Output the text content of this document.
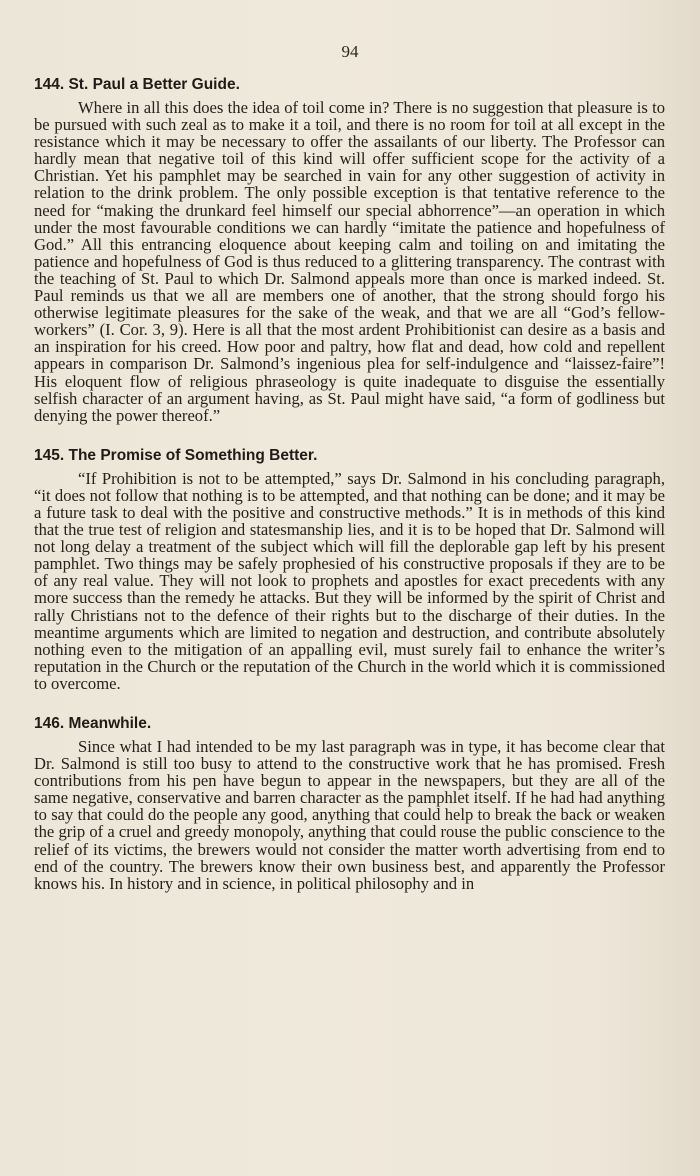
94
144. St. Paul a Better Guide.

Where in all this does the idea of toil come in? There is no suggestion that pleasure is to be pursued with such zeal as to make it a toil, and there is no room for toil at all except in the resistance which it may be necessary to offer the assailants of our liberty. The Professor can hardly mean that negative toil of this kind will offer sufficient scope for the activity of a Christian. Yet his pamphlet may be searched in vain for any other suggestion of activity in relation to the drink problem. The only possible exception is that tentative reference to the need for “making the drunkard feel himself our special abhorrence”—an operation in which under the most favourable conditions we can hardly “imitate the patience and hopefulness of God.” All this entrancing eloquence about keeping calm and toiling on and imitating the patience and hopefulness of God is thus reduced to a glittering transparency. The contrast with the teaching of St. Paul to which Dr. Salmond appeals more than once is marked indeed. St. Paul reminds us that we all are members one of another, that the strong should forgo his otherwise legitimate pleasures for the sake of the weak, and that we are all “God’s fellow-workers” (I. Cor. 3, 9). Here is all that the most ardent Prohibitionist can desire as a basis and an inspiration for his creed. How poor and paltry, how flat and dead, how cold and repellent appears in comparison Dr. Salmond’s ingenious plea for self-indulgence and “laissez-faire”! His eloquent flow of religious phraseology is quite inadequate to disguise the essentially selfish character of an argument having, as St. Paul might have said, “a form of godliness but denying the power thereof.”

145. The Promise of Something Better.

“If Prohibition is not to be attempted,” says Dr. Salmond in his concluding paragraph, “it does not follow that nothing is to be attempted, and that nothing can be done; and it may be a future task to deal with the positive and constructive methods.” It is in methods of this kind that the true test of religion and statesmanship lies, and it is to be hoped that Dr. Salmond will not long delay a treatment of the subject which will fill the deplorable gap left by his present pamphlet. Two things may be safely prophesied of his constructive proposals if they are to be of any real value. They will not look to prophets and apostles for exact precedents with any more success than the remedy he attacks. But they will be informed by the spirit of Christ and rally Christians not to the defence of their rights but to the discharge of their duties. In the meantime arguments which are limited to negation and destruction, and contribute absolutely nothing even to the mitigation of an appalling evil, must surely fail to enhance the writer’s reputation in the Church or the reputation of the Church in the world which it is commissioned to overcome.

146. Meanwhile.

Since what I had intended to be my last paragraph was in type, it has become clear that Dr. Salmond is still too busy to attend to the constructive work that he has promised. Fresh contributions from his pen have begun to appear in the newspapers, but they are all of the same negative, conservative and barren character as the pamphlet itself. If he had had anything to say that could do the people any good, anything that could help to break the back or weaken the grip of a cruel and greedy monopoly, anything that could rouse the public conscience to the relief of its victims, the brewers would not consider the matter worth advertising from end to end of the country. The brewers know their own business best, and apparently the Professor knows his. In history and in science, in political philosophy and in
